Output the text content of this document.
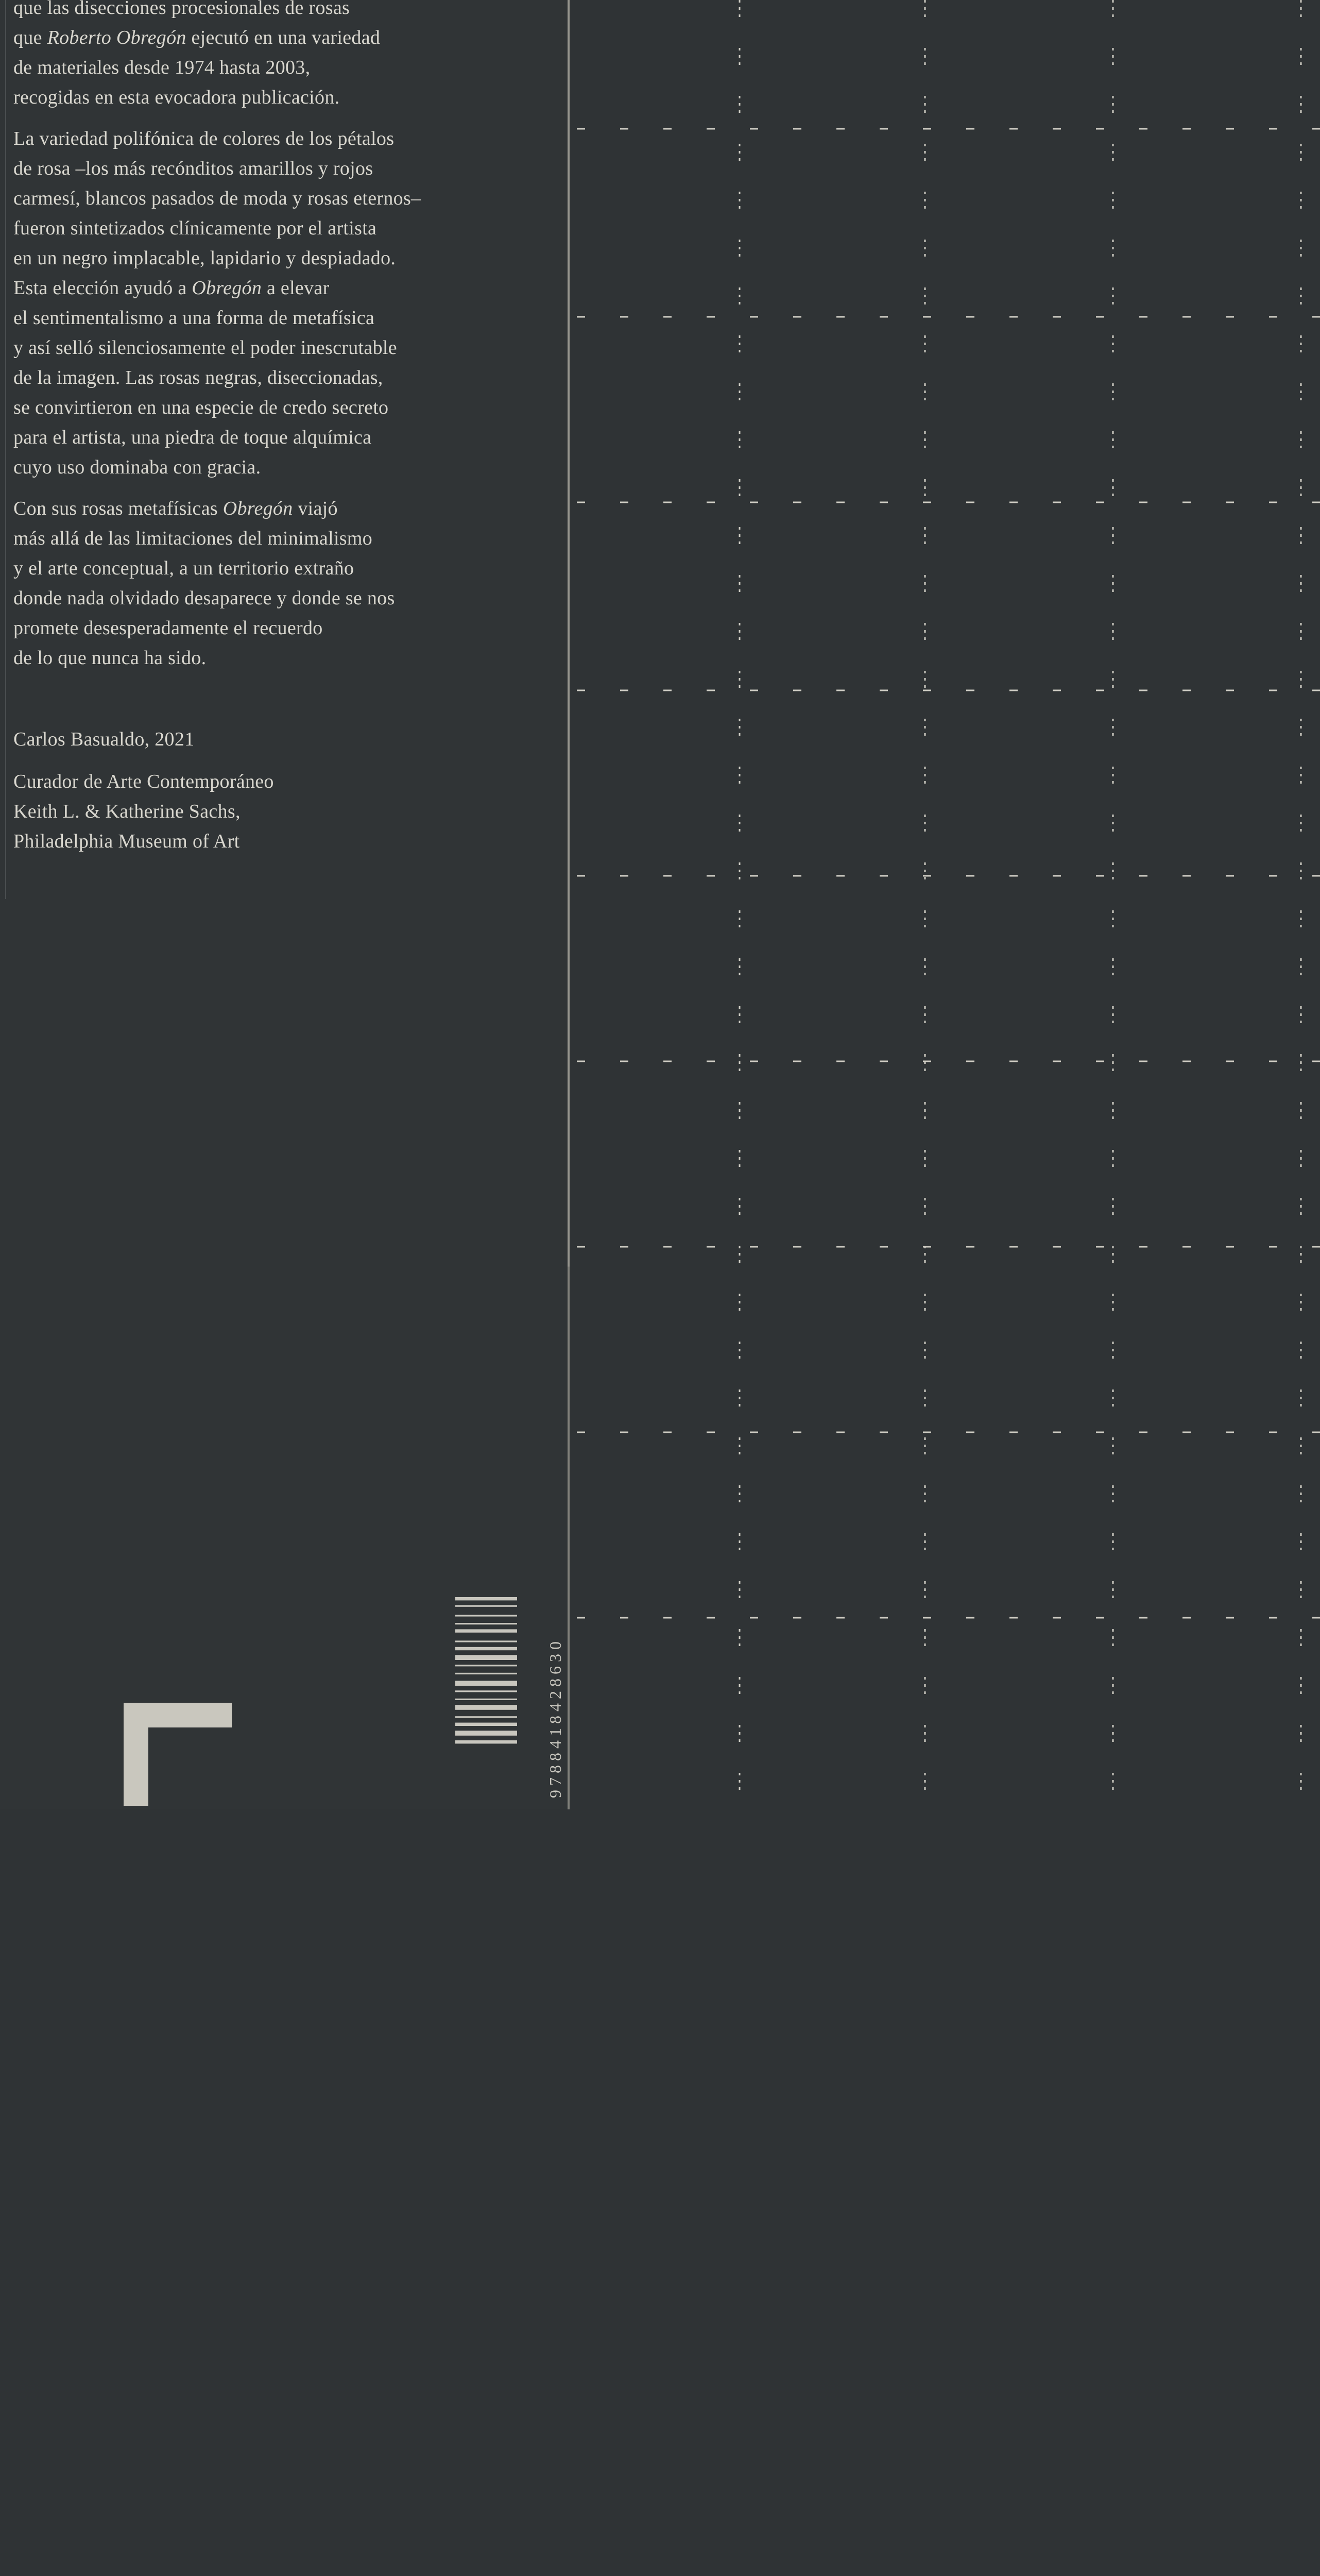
que las disecciones procesionales de rosas
que Roberto Obregón ejecutó en una variedad
de materiales desde 1974 hasta 2003,
recogidas en esta evocadora publicación.
La variedad polifónica de colores de los pétalos
de rosa –los más recónditos amarillos y rojos
carmesí, blancos pasados de moda y rosas eternos–
fueron sintetizados clínicamente por el artista
en un negro implacable, lapidario y despiadado.
Esta elección ayudó a Obregón a elevar
el sentimentalismo a una forma de metafísica
y así selló silenciosamente el poder inescrutable
de la imagen. Las rosas negras, diseccionadas,
se convirtieron en una especie de credo secreto
para el artista, una piedra de toque alquímica
cuyo uso dominaba con gracia.
Con sus rosas metafísicas Obregón viajó
más allá de las limitaciones del minimalismo
y el arte conceptual, a un territorio extraño
donde nada olvidado desaparece y donde se nos
promete desesperadamente el recuerdo
de lo que nunca ha sido.
Carlos Basualdo, 2021
Curador de Arte Contemporáneo
Keith L. & Katherine Sachs,
Philadelphia Museum of Art
9788418428630
